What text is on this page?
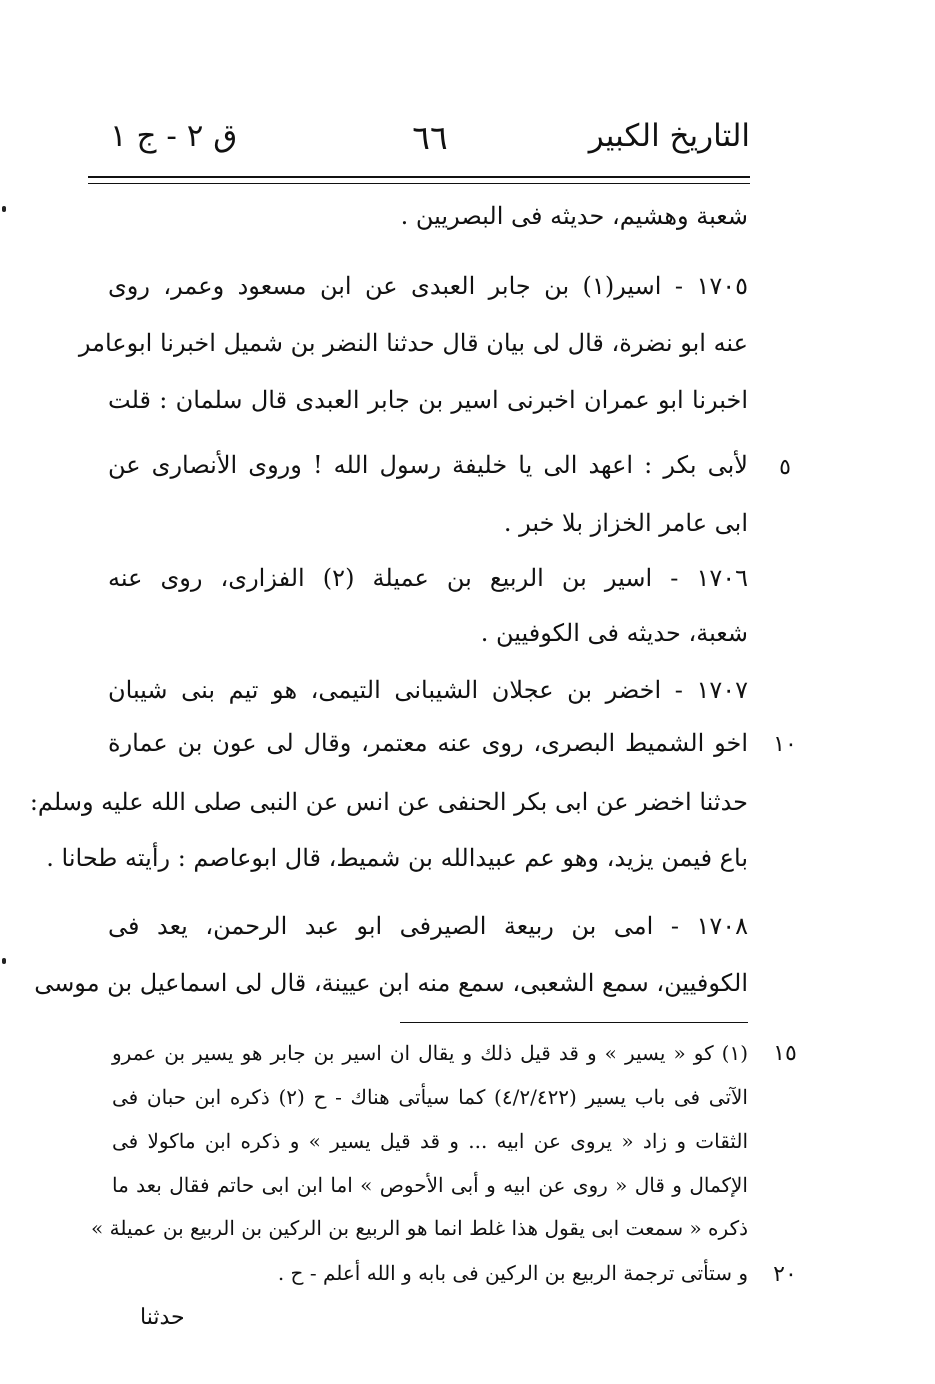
التاريخ الكبير
٦٦
ق ٢ - ج ١
شعبة وهشيم، حديثه فى البصريين .
١٧٠٥ - اسير(١) بن جابر العبدى عن ابن مسعود وعمر، روى
عنه ابو نضرة، قال لى بيان قال حدثنا النضر بن شميل اخبرنا ابوعامر
اخبرنا ابو عمران اخبرنى اسير بن جابر العبدى قال سلمان : قلت
لأبى بكر : اعهد الى يا خليفة رسول الله ! وروى الأنصارى عن
ابى عامر الخزاز بلا خبر .
١٧٠٦ - اسير بن الربيع بن عميلة (٢) الفزارى، روى عنه
شعبة، حديثه فى الكوفيين .
١٧٠٧ - اخضر بن عجلان الشيبانى التيمى، هو تيم بنى شيبان
اخو الشميط البصرى، روى عنه معتمر، وقال لى عون بن عمارة
حدثنا اخضر عن ابى بكر الحنفى عن انس عن النبى صلى الله عليه وسلم:
باع فيمن يزيد، وهو عم عبيدالله بن شميط، قال ابوعاصم : رأيته طحانا .
١٧٠٨ - امى بن ربيعة الصيرفى ابو عبد الرحمن، يعد فى
الكوفيين، سمع الشعبى، سمع منه ابن عيينة، قال لى اسماعيل بن موسى
٥
١٠
١٥
٢٠
(١) كو « يسير » و قد قيل ذلك و يقال ان اسير بن جابر هو يسير بن عمرو
الآتى فى باب يسير (٤/٢/٤٢٢) كما سيأتى هناك - ح (٢) ذكره ابن حبان فى
الثقات و زاد « يروى عن ابيه ... و قد قيل يسير » و ذكره ابن ماكولا فى
الإكمال و قال « روى عن ابيه و أبى الأحوص » اما ابن ابى حاتم فقال بعد ما
ذكره « سمعت ابى يقول هذا غلط انما هو الربيع بن الركين بن الربيع بن عميلة »
و ستأتى ترجمة الربيع بن الركين فى بابه و الله أعلم - ح .
حدثنا
